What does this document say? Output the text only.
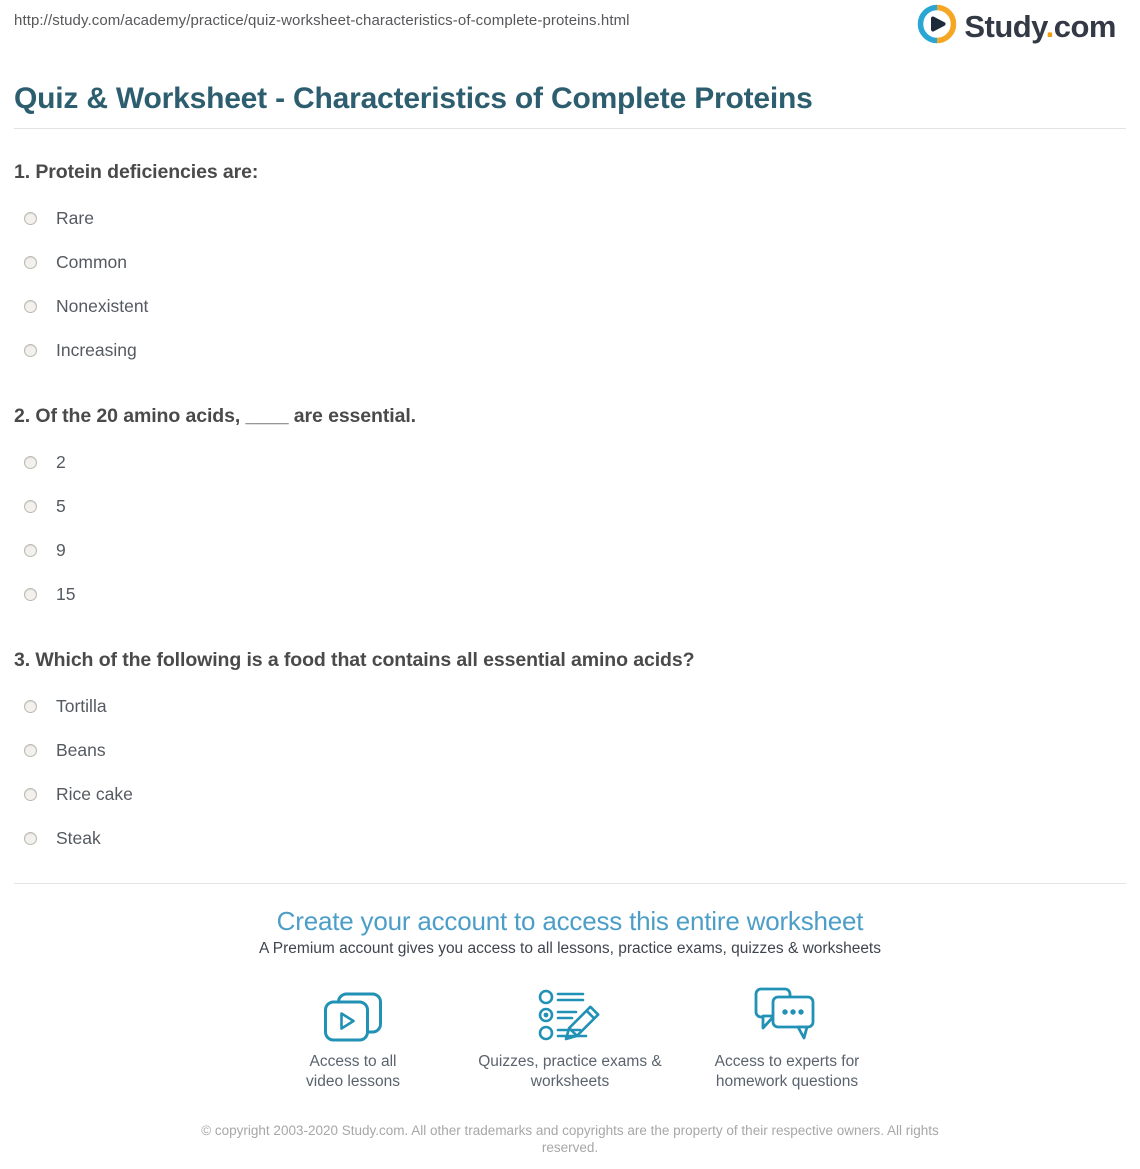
http://study.com/academy/practice/quiz-worksheet-characteristics-of-complete-proteins.html	Study.com
Quiz & Worksheet - Characteristics of Complete Proteins
1. Protein deficiencies are:
Rare
Common
Nonexistent
Increasing
2. Of the 20 amino acids, ____ are essential.
2
5
9
15
3. Which of the following is a food that contains all essential amino acids?
Tortilla
Beans
Rice cake
Steak
Create your account to access this entire worksheet

A Premium account gives you access to all lessons, practice exams, quizzes & worksheets

Access to all video lessons
Quizzes, practice exams & worksheets
Access to experts for homework questions

© copyright 2003-2020 Study.com. All other trademarks and copyrights are the property of their respective owners. All rights reserved.
